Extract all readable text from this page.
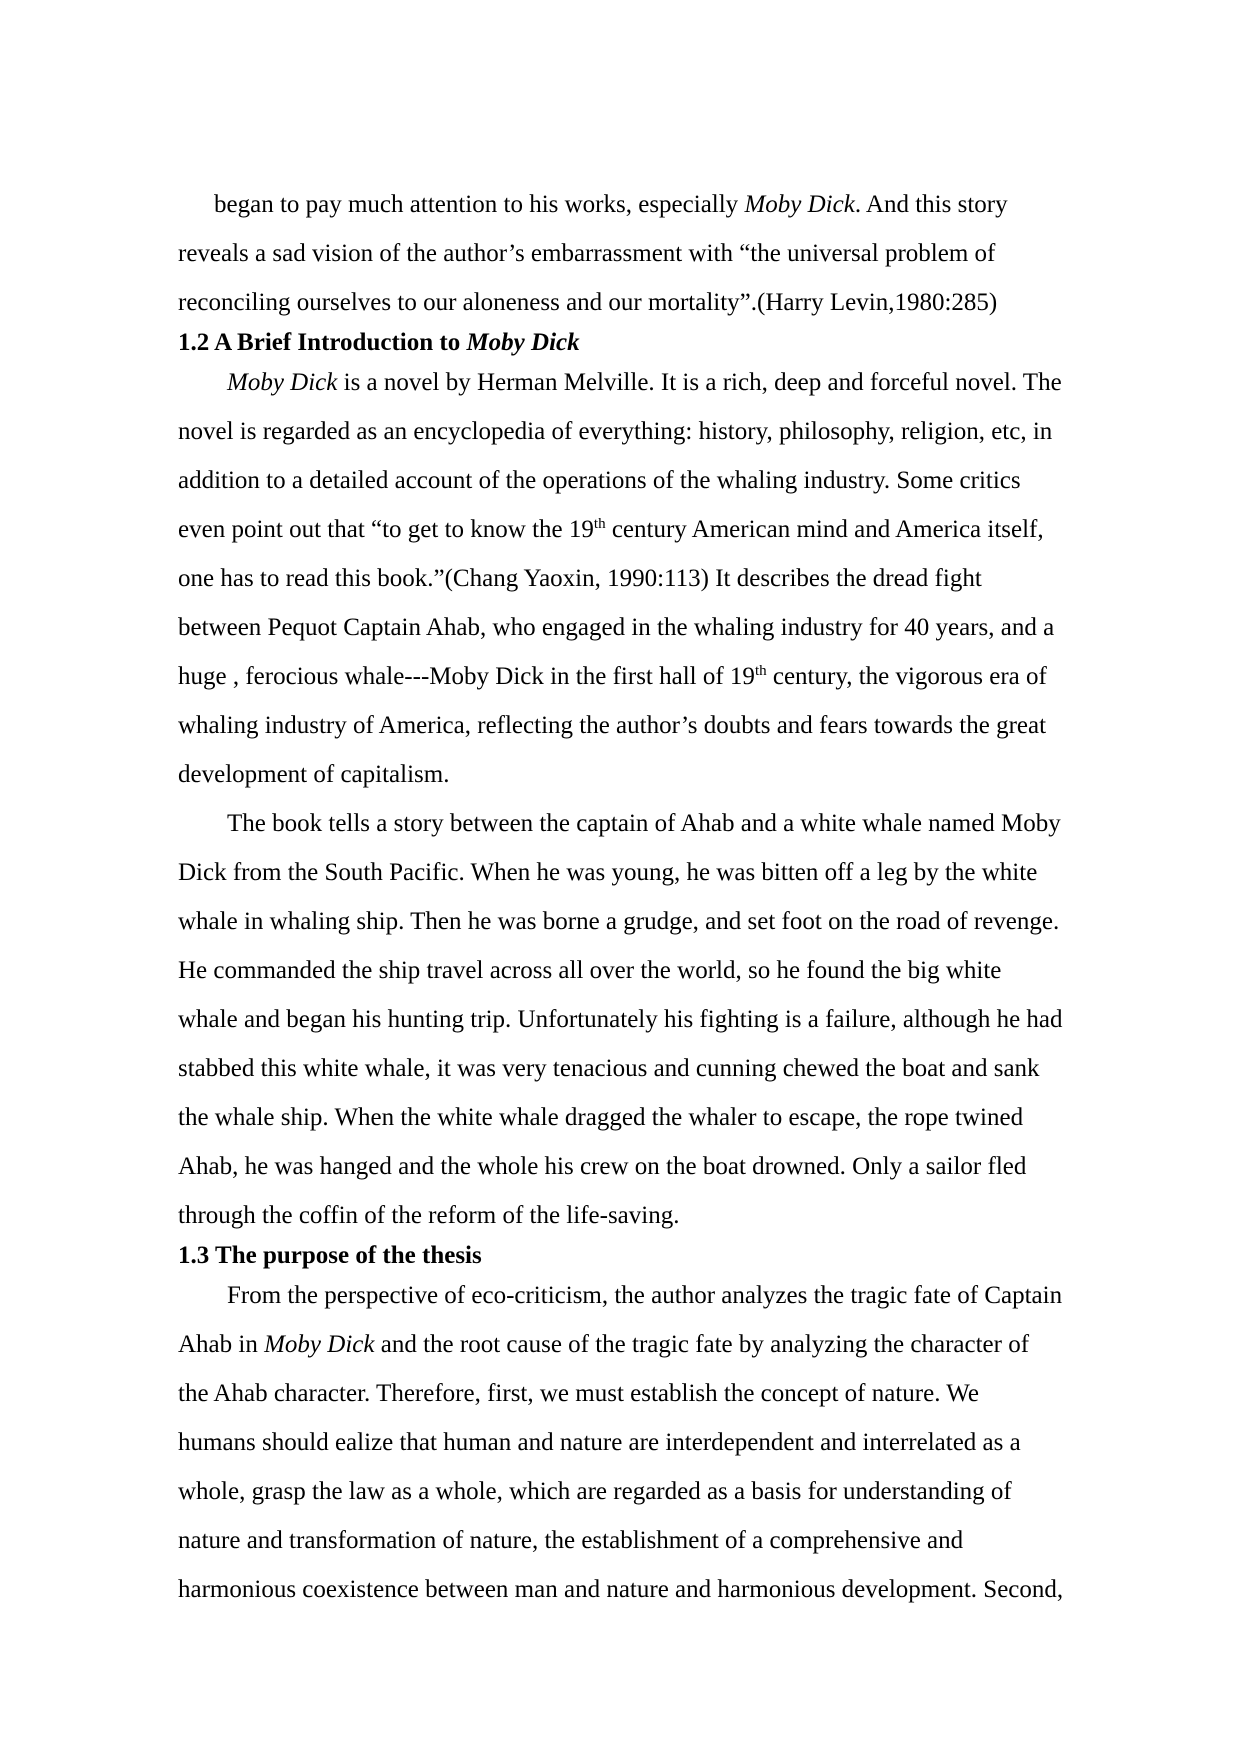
began to pay much attention to his works, especially Moby Dick. And this story
reveals a sad vision of the author’s embarrassment with “the universal problem of
reconciling ourselves to our aloneness and our mortality”.(Harry Levin,1980:285)
1.2 A Brief Introduction to Moby Dick
Moby Dick is a novel by Herman Melville. It is a rich, deep and forceful novel. The
novel is regarded as an encyclopedia of everything: history, philosophy, religion, etc, in
addition to a detailed account of the operations of the whaling industry. Some critics
even point out that “to get to know the 19th century American mind and America itself,
one has to read this book.”(Chang Yaoxin, 1990:113) It describes the dread fight
between Pequot Captain Ahab, who engaged in the whaling industry for 40 years, and a
huge , ferocious whale---Moby Dick in the first hall of 19th century, the vigorous era of
whaling industry of America, reflecting the author’s doubts and fears towards the great
development of capitalism.
The book tells a story between the captain of Ahab and a white whale named Moby
Dick from the South Pacific. When he was young, he was bitten off a leg by the white
whale in whaling ship. Then he was borne a grudge, and set foot on the road of revenge.
He commanded the ship travel across all over the world, so he found the big white
whale and began his hunting trip. Unfortunately his fighting is a failure, although he had
stabbed this white whale, it was very tenacious and cunning chewed the boat and sank
the whale ship. When the white whale dragged the whaler to escape, the rope twined
Ahab, he was hanged and the whole his crew on the boat drowned. Only a sailor fled
through the coffin of the reform of the life-saving.
1.3 The purpose of the thesis
From the perspective of eco-criticism, the author analyzes the tragic fate of Captain
Ahab in Moby Dick and the root cause of the tragic fate by analyzing the character of
the Ahab character. Therefore, first, we must establish the concept of nature. We
humans should ealize that human and nature are interdependent and interrelated as a
whole, grasp the law as a whole, which are regarded as a basis for understanding of
nature and transformation of nature, the establishment of a comprehensive and
harmonious coexistence between man and nature and harmonious development. Second,
